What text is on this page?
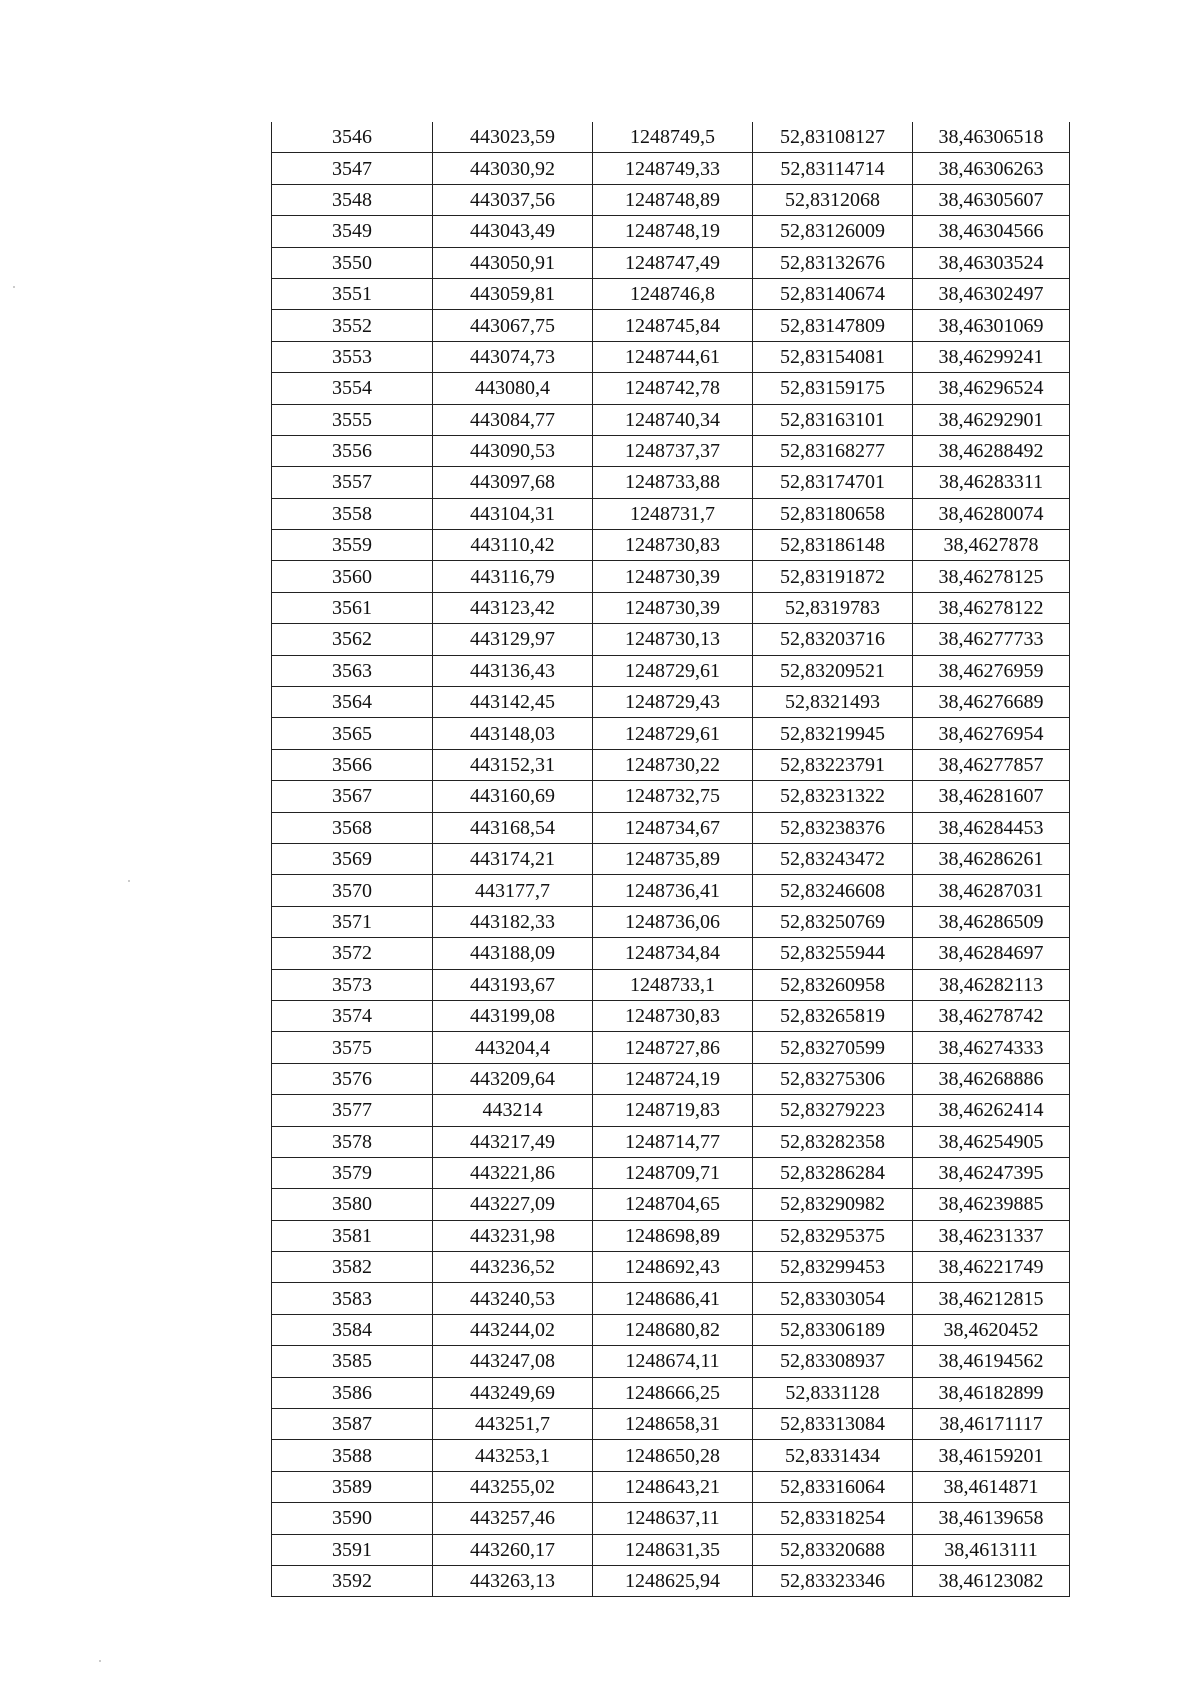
3546	443023,59	1248749,5	52,83108127	38,46306518
3547	443030,92	1248749,33	52,83114714	38,46306263
3548	443037,56	1248748,89	52,8312068	38,46305607
3549	443043,49	1248748,19	52,83126009	38,46304566
3550	443050,91	1248747,49	52,83132676	38,46303524
3551	443059,81	1248746,8	52,83140674	38,46302497
3552	443067,75	1248745,84	52,83147809	38,46301069
3553	443074,73	1248744,61	52,83154081	38,46299241
3554	443080,4	1248742,78	52,83159175	38,46296524
3555	443084,77	1248740,34	52,83163101	38,46292901
3556	443090,53	1248737,37	52,83168277	38,46288492
3557	443097,68	1248733,88	52,83174701	38,46283311
3558	443104,31	1248731,7	52,83180658	38,46280074
3559	443110,42	1248730,83	52,83186148	38,4627878
3560	443116,79	1248730,39	52,83191872	38,46278125
3561	443123,42	1248730,39	52,8319783	38,46278122
3562	443129,97	1248730,13	52,83203716	38,46277733
3563	443136,43	1248729,61	52,83209521	38,46276959
3564	443142,45	1248729,43	52,8321493	38,46276689
3565	443148,03	1248729,61	52,83219945	38,46276954
3566	443152,31	1248730,22	52,83223791	38,46277857
3567	443160,69	1248732,75	52,83231322	38,46281607
3568	443168,54	1248734,67	52,83238376	38,46284453
3569	443174,21	1248735,89	52,83243472	38,46286261
3570	443177,7	1248736,41	52,83246608	38,46287031
3571	443182,33	1248736,06	52,83250769	38,46286509
3572	443188,09	1248734,84	52,83255944	38,46284697
3573	443193,67	1248733,1	52,83260958	38,46282113
3574	443199,08	1248730,83	52,83265819	38,46278742
3575	443204,4	1248727,86	52,83270599	38,46274333
3576	443209,64	1248724,19	52,83275306	38,46268886
3577	443214	1248719,83	52,83279223	38,46262414
3578	443217,49	1248714,77	52,83282358	38,46254905
3579	443221,86	1248709,71	52,83286284	38,46247395
3580	443227,09	1248704,65	52,83290982	38,46239885
3581	443231,98	1248698,89	52,83295375	38,46231337
3582	443236,52	1248692,43	52,83299453	38,46221749
3583	443240,53	1248686,41	52,83303054	38,46212815
3584	443244,02	1248680,82	52,83306189	38,4620452
3585	443247,08	1248674,11	52,83308937	38,46194562
3586	443249,69	1248666,25	52,8331128	38,46182899
3587	443251,7	1248658,31	52,83313084	38,46171117
3588	443253,1	1248650,28	52,8331434	38,46159201
3589	443255,02	1248643,21	52,83316064	38,4614871
3590	443257,46	1248637,11	52,83318254	38,46139658
3591	443260,17	1248631,35	52,83320688	38,4613111
3592	443263,13	1248625,94	52,83323346	38,46123082
